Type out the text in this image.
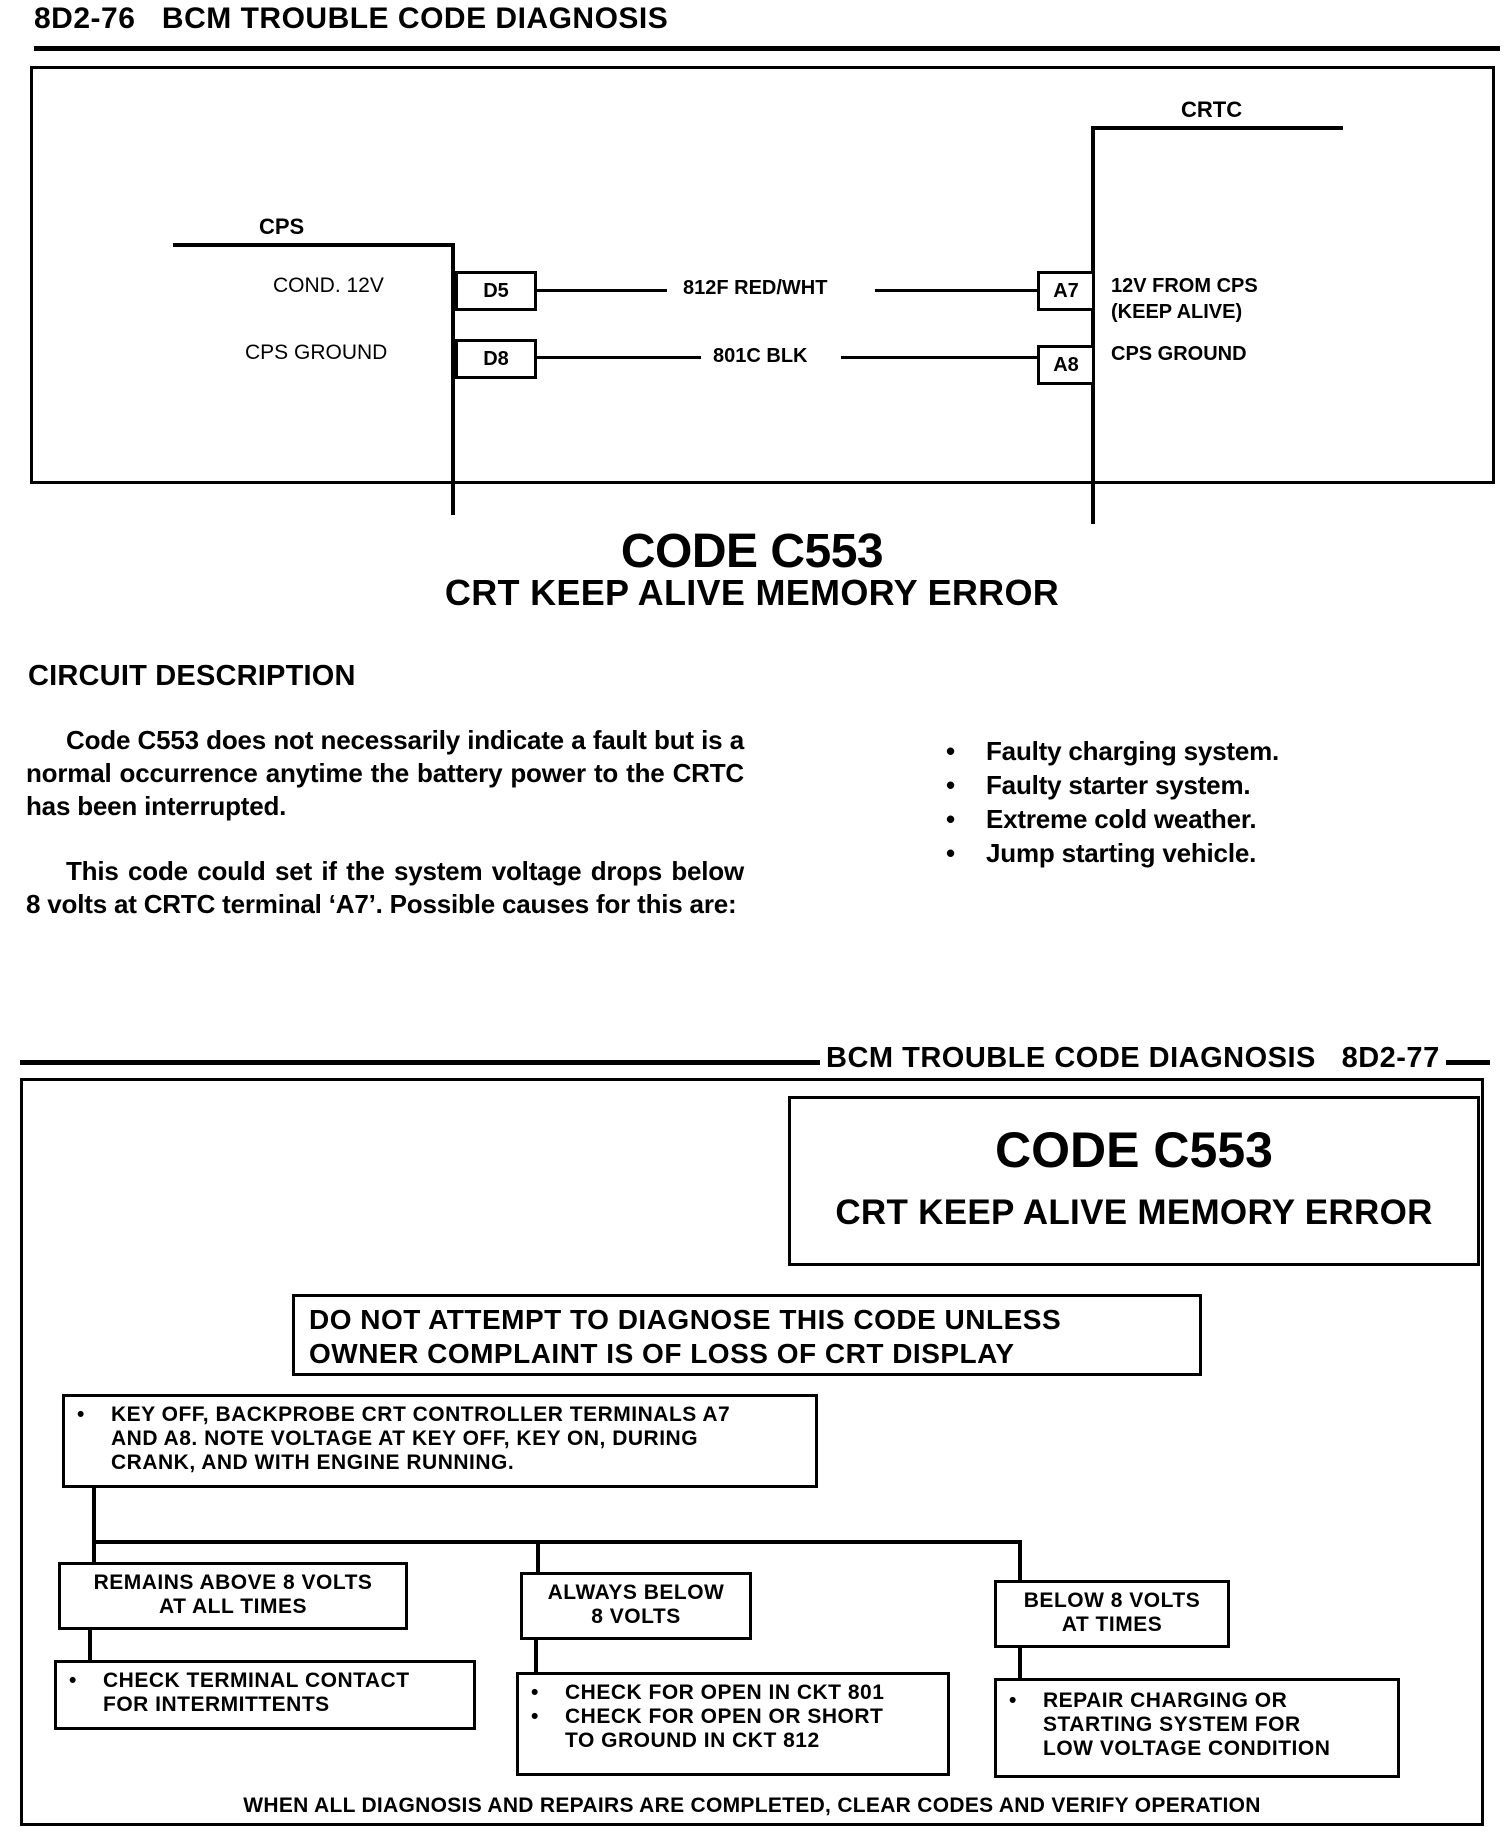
8D2-76 BCM TROUBLE CODE DIAGNOSIS
CPS
CRTC
COND. 12V	D5	812F RED/WHT	A7	12V FROM CPS
(KEEP ALIVE)
CPS GROUND	D8	801C BLK	A8	CPS GROUND
CODE C553
CRT KEEP ALIVE MEMORY ERROR
CIRCUIT DESCRIPTION

Code C553 does not necessarily indicate a fault but is a normal occurrence anytime the battery power to the CRTC has been interrupted.

This code could set if the system voltage drops below 8 volts at CRTC terminal ‘A7’. Possible causes for this are:

• Faulty charging system.
• Faulty starter system.
• Extreme cold weather.
• Jump starting vehicle.
BCM TROUBLE CODE DIAGNOSIS 8D2-77
CODE C553
CRT KEEP ALIVE MEMORY ERROR
DO NOT ATTEMPT TO DIAGNOSE THIS CODE UNLESS
OWNER COMPLAINT IS OF LOSS OF CRT DISPLAY
• KEY OFF, BACKPROBE CRT CONTROLLER TERMINALS A7
AND A8. NOTE VOLTAGE AT KEY OFF, KEY ON, DURING
CRANK, AND WITH ENGINE RUNNING.
REMAINS ABOVE 8 VOLTS
AT ALL TIMES
ALWAYS BELOW
8 VOLTS
BELOW 8 VOLTS
AT TIMES
• CHECK TERMINAL CONTACT
FOR INTERMITTENTS
• CHECK FOR OPEN IN CKT 801
• CHECK FOR OPEN OR SHORT
TO GROUND IN CKT 812
• REPAIR CHARGING OR
STARTING SYSTEM FOR
LOW VOLTAGE CONDITION
WHEN ALL DIAGNOSIS AND REPAIRS ARE COMPLETED, CLEAR CODES AND VERIFY OPERATION
